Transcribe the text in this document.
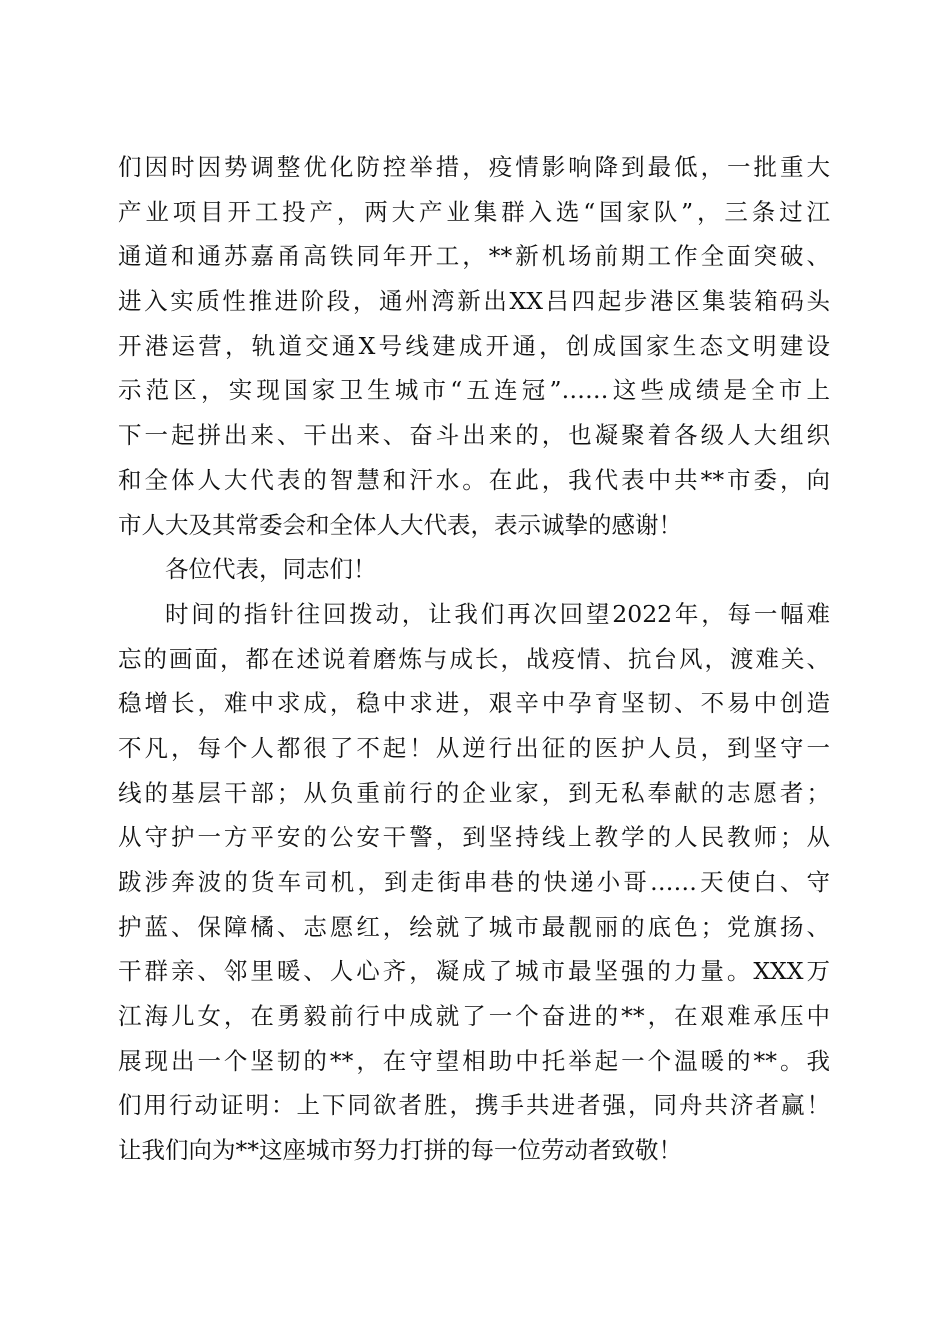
们因时因势调整优化防控举措，疫情影响降到最低，一批重大
产业项目开工投产，两大产业集群入选“国家队”，三条过江
通道和通苏嘉甬高铁同年开工，**新机场前期工作全面突破、
进入实质性推进阶段，通州湾新出XX吕四起步港区集装箱码头
开港运营，轨道交通X号线建成开通，创成国家生态文明建设
示范区，实现国家卫生城市“五连冠”……这些成绩是全市上
下一起拼出来、干出来、奋斗出来的，也凝聚着各级人大组织
和全体人大代表的智慧和汗水。在此，我代表中共**市委，向
市人大及其常委会和全体人大代表，表示诚挚的感谢！
各位代表，同志们！
时间的指针往回拨动，让我们再次回望2022年，每一幅难
忘的画面，都在述说着磨炼与成长，战疫情、抗台风，渡难关、
稳增长，难中求成，稳中求进，艰辛中孕育坚韧、不易中创造
不凡，每个人都很了不起！从逆行出征的医护人员，到坚守一
线的基层干部；从负重前行的企业家，到无私奉献的志愿者；
从守护一方平安的公安干警，到坚持线上教学的人民教师；从
跋涉奔波的货车司机，到走街串巷的快递小哥……天使白、守
护蓝、保障橘、志愿红，绘就了城市最靓丽的底色；党旗扬、
干群亲、邻里暖、人心齐，凝成了城市最坚强的力量。XXX万
江海儿女，在勇毅前行中成就了一个奋进的**，在艰难承压中
展现出一个坚韧的**，在守望相助中托举起一个温暖的**。我
们用行动证明：上下同欲者胜，携手共进者强，同舟共济者赢！
让我们向为**这座城市努力打拼的每一位劳动者致敬！
